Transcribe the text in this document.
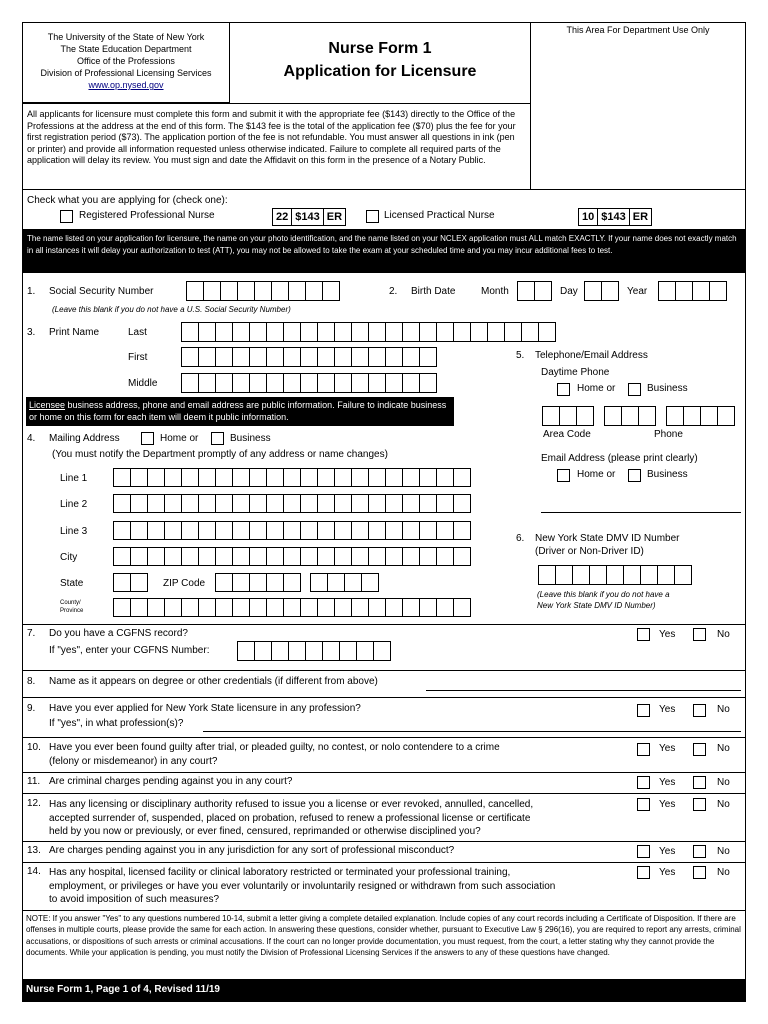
The University of the State of New York
The State Education Department
Office of the Professions
Division of Professional Licensing Services
www.op.nysed.gov
Nurse Form 1
Application for Licensure
This Area For Department Use Only
All applicants for licensure must complete this form and submit it with the appropriate fee ($143) directly to the Office of the Professions at the address at the end of this form. The $143 fee is the total of the application fee ($70) plus the fee for your first registration period ($73). The application portion of the fee is not refundable. You must answer all questions in ink (pen or printer) and provide all information requested unless otherwise indicated. Failure to complete all required parts of the application will delay its review. You must sign and date the Affidavit on this form in the presence of a Notary Public.
Check what you are applying for (check one):
Registered Professional Nurse	22 $143 ER	Licensed Practical Nurse	10 $143 ER
The name listed on your application for licensure, the name on your photo identification, and the name listed on your NCLEX application must ALL match EXACTLY. If your name does not exactly match in all instances it will delay your authorization to test (ATT), you may not be allowed to take the exam at your scheduled time and you may incur additional fees to test.
1. Social Security Number
(Leave this blank if you do not have a U.S. Social Security Number)
2. Birth Date	Month	Day	Year
3. Print Name	Last
First
Middle
Licensee business address, phone and email address are public information. Failure to indicate business or home on this form for each item will deem it public information.
4. Mailing Address	Home or	Business
(You must notify the Department promptly of any address or name changes)
Line 1
Line 2
Line 3
City
State	ZIP Code
County/
Province
5. Telephone/Email Address
Daytime Phone
Home or	Business
Area Code	Phone
Email Address (please print clearly)
Home or	Business
6. New York State DMV ID Number
(Driver or Non-Driver ID)
(Leave this blank if you do not have a
New York State DMV ID Number)
7. Do you have a CGFNS record?
If "yes", enter your CGFNS Number:
Yes	No
8. Name as it appears on degree or other credentials (if different from above)
9. Have you ever applied for New York State licensure in any profession?
If "yes", in what profession(s)?
Yes	No
10. Have you ever been found guilty after trial, or pleaded guilty, no contest, or nolo contendere to a crime
(felony or misdemeanor) in any court?
Yes	No
11. Are criminal charges pending against you in any court?	Yes	No
12. Has any licensing or disciplinary authority refused to issue you a license or ever revoked, annulled, cancelled,
accepted surrender of, suspended, placed on probation, refused to renew a professional license or certificate
held by you now or previously, or ever fined, censured, reprimanded or otherwise disciplined you?
Yes	No
13. Are charges pending against you in any jurisdiction for any sort of professional misconduct?	Yes	No
14. Has any hospital, licensed facility or clinical laboratory restricted or terminated your professional training,
employment, or privileges or have you ever voluntarily or involuntarily resigned or withdrawn from such association
to avoid imposition of such measures?
Yes	No
NOTE: If you answer "Yes" to any questions numbered 10-14, submit a letter giving a complete detailed explanation. Include copies of any court records including a Certificate of Disposition. If there are offenses in multiple courts, please provide the same for each action. In answering these questions, consider whether, pursuant to Executive Law § 296(16), you are required to report any arrests, criminal accusations, or dispositions of such arrests or criminal accusations. If the court can no longer provide documentation, you must request, from the court, a letter stating why they cannot provide the documents. While your application is pending, you must notify the Division of Professional Licensing Services if the answers to any of these questions have changed.
Nurse Form 1, Page 1 of 4, Revised 11/19
